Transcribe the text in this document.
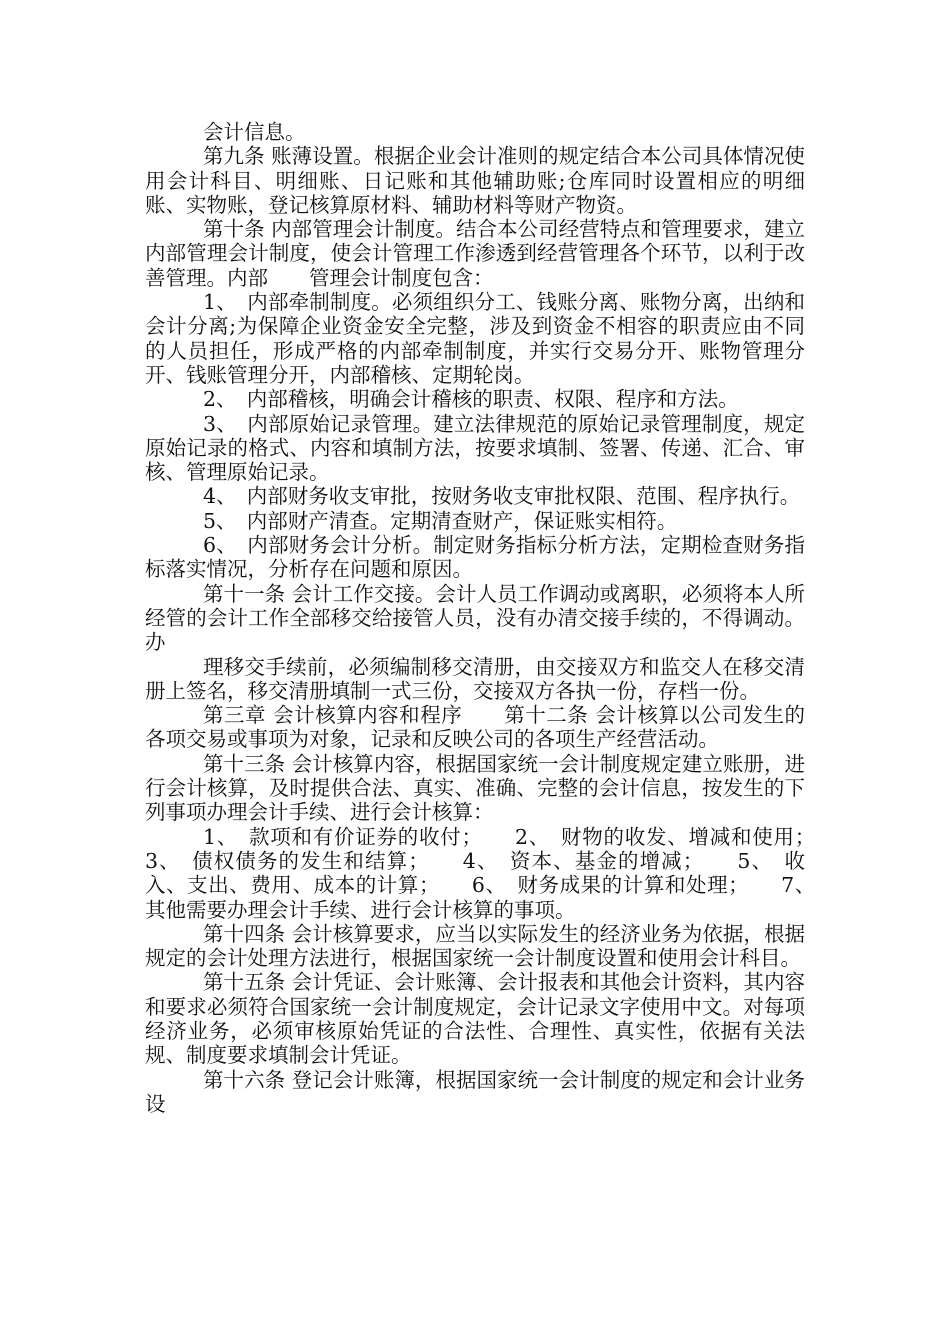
会计信息。

第九条 账薄设置。根据企业会计准则的规定结合本公司具体情况使用会计科目、明细账、日记账和其他辅助账;仓库同时设置相应的明细账、实物账，登记核算原材料、辅助材料等财产物资。

第十条 内部管理会计制度。结合本公司经营特点和管理要求，建立内部管理会计制度，使会计管理工作渗透到经营管理各个环节，以利于改善管理。内部　　管理会计制度包含：

1、　内部牵制制度。必须组织分工、钱账分离、账物分离，出纳和会计分离;为保障企业资金安全完整，涉及到资金不相容的职责应由不同的人员担任，形成严格的内部牵制制度，并实行交易分开、账物管理分开、钱账管理分开，内部稽核、定期轮岗。

2、　内部稽核，明确会计稽核的职责、权限、程序和方法。

3、　内部原始记录管理。建立法律规范的原始记录管理制度，规定原始记录的格式、内容和填制方法，按要求填制、签署、传递、汇合、审核、管理原始记录。

4、　内部财务收支审批，按财务收支审批权限、范围、程序执行。

5、　内部财产清查。定期清查财产，保证账实相符。

6、　内部财务会计分析。制定财务指标分析方法，定期检查财务指标落实情况，分析存在问题和原因。

第十一条 会计工作交接。会计人员工作调动或离职，必须将本人所经管的会计工作全部移交给接管人员，没有办清交接手续的，不得调动。办

理移交手续前，必须编制移交清册，由交接双方和监交人在移交清册上签名，移交清册填制一式三份，交接双方各执一份，存档一份。

第三章 会计核算内容和程序　　第十二条 会计核算以公司发生的各项交易或事项为对象，记录和反映公司的各项生产经营活动。

第十三条 会计核算内容，根据国家统一会计制度规定建立账册，进行会计核算，及时提供合法、真实、准确、完整的会计信息，按发生的下列事项办理会计手续、进行会计核算：

1、　款项和有价证券的收付；　　2、　财物的收发、增减和使用；　　3、　债权债务的发生和结算；　　4、　资本、基金的增减；　　5、　收入、支出、费用、成本的计算；　　6、　财务成果的计算和处理；　　7、　其他需要办理会计手续、进行会计核算的事项。

第十四条 会计核算要求，应当以实际发生的经济业务为依据，根据规定的会计处理方法进行，根据国家统一会计制度设置和使用会计科目。

第十五条 会计凭证、会计账簿、会计报表和其他会计资料，其内容和要求必须符合国家统一会计制度规定，会计记录文字使用中文。对每项经济业务，必须审核原始凭证的合法性、合理性、真实性，依据有关法规、制度要求填制会计凭证。

第十六条 登记会计账簿，根据国家统一会计制度的规定和会计业务设
